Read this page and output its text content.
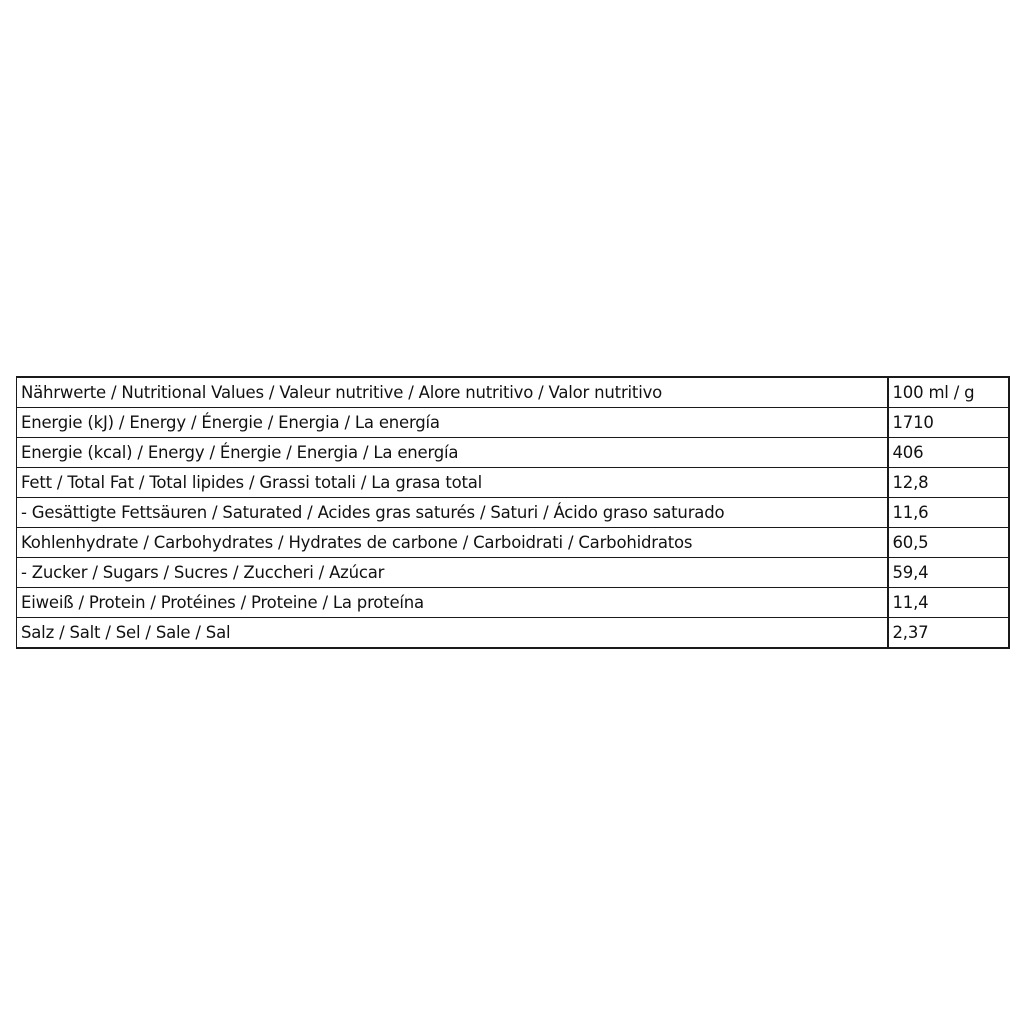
Nährwerte / Nutritional Values / Valeur nutritive / Alore nutritivo / Valor nutritivo	100 ml / g
Energie (kJ) / Energy / Énergie / Energia / La energía	1710
Energie (kcal) / Energy / Énergie / Energia / La energía	406
Fett / Total Fat / Total lipides / Grassi totali / La grasa total	12,8
- Gesättigte Fettsäuren / Saturated / Acides gras saturés / Saturi / Ácido graso saturado	11,6
Kohlenhydrate / Carbohydrates / Hydrates de carbone / Carboidrati / Carbohidratos	60,5
- Zucker / Sugars / Sucres / Zuccheri / Azúcar	59,4
Eiweiß / Protein / Protéines / Proteine / La proteína	11,4
Salz / Salt / Sel / Sale / Sal	2,37
